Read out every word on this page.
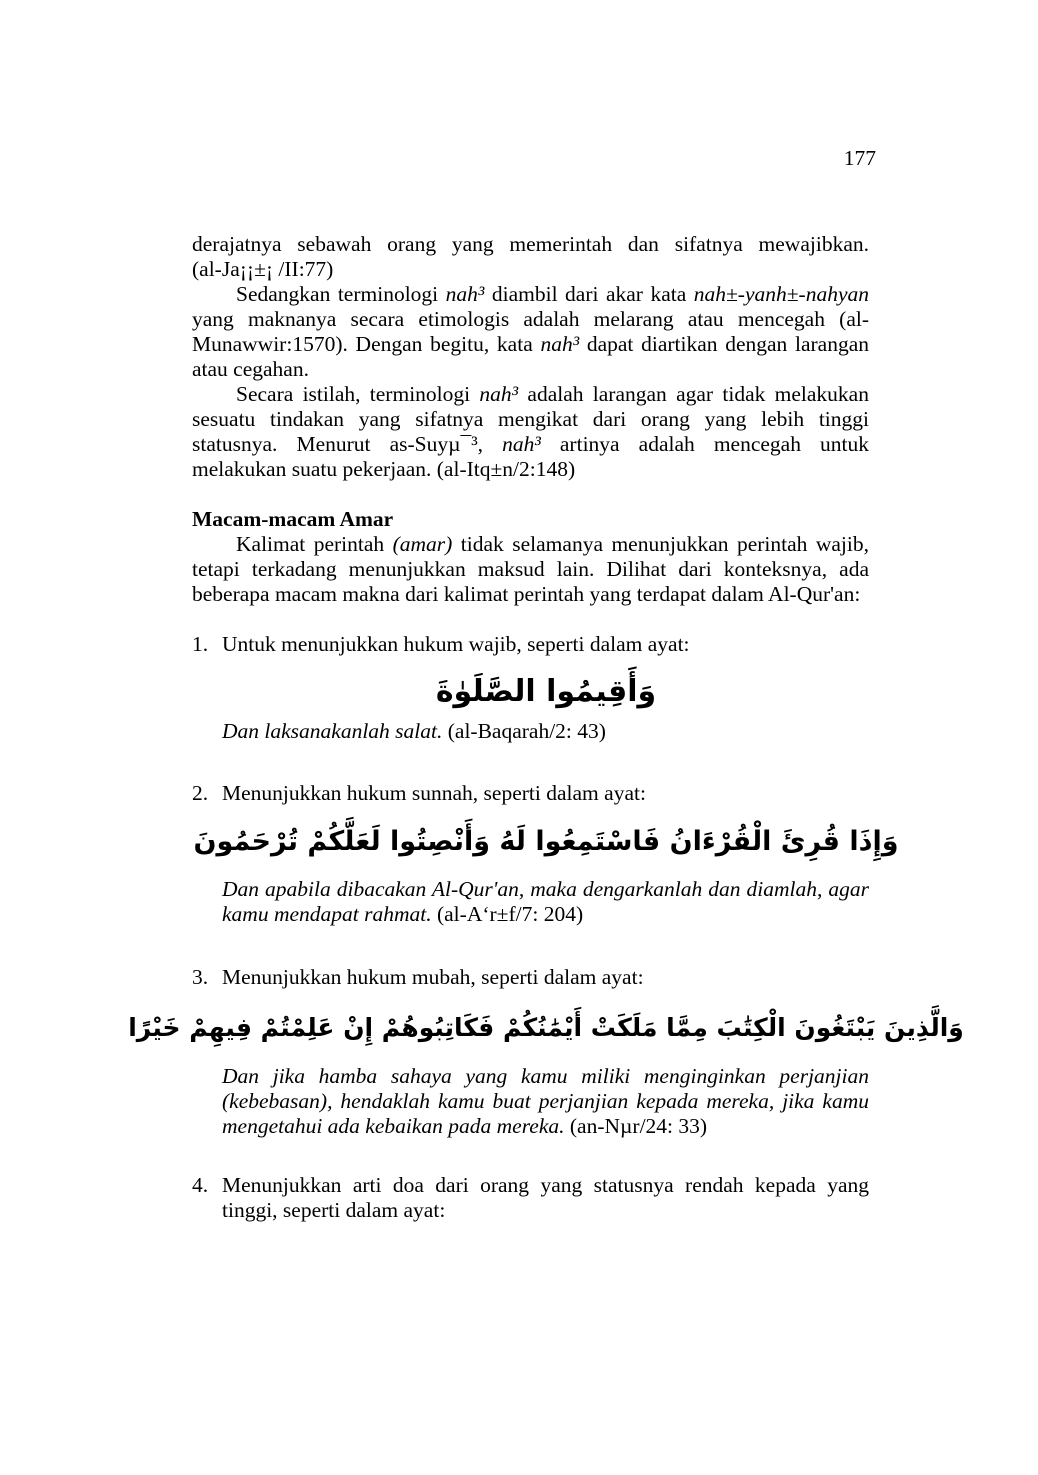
177

derajatnya sebawah orang yang memerintah dan sifatnya mewajibkan.
(al-Ja¡¡±¡ /II:77)

Sedangkan terminologi nah³ diambil dari akar kata nah±-yanh±-nahyan yang maknanya secara etimologis adalah melarang atau mencegah (al-Munawwir:1570). Dengan begitu, kata nah³ dapat diartikan dengan larangan atau cegahan.

Secara istilah, terminologi nah³ adalah larangan agar tidak melakukan sesuatu tindakan yang sifatnya mengikat dari orang yang lebih tinggi statusnya. Menurut as-Suyµ¯³, nah³ artinya adalah mencegah untuk melakukan suatu pekerjaan. (al-Itq±n/2:148)

Macam-macam Amar

Kalimat perintah (amar) tidak selamanya menunjukkan perintah wajib, tetapi terkadang menunjukkan maksud lain. Dilihat dari konteksnya, ada beberapa macam makna dari kalimat perintah yang terdapat dalam Al-Qur'an:

1. Untuk menunjukkan hukum wajib, seperti dalam ayat:

وَأَقِيمُوا الصَّلَوٰةَ

Dan laksanakanlah salat. (al-Baqarah/2: 43)

2. Menunjukkan hukum sunnah, seperti dalam ayat:

وَإِذَا قُرِئَ الْقُرْءَانُ فَاسْتَمِعُوا لَهُ وَأَنْصِتُوا لَعَلَّكُمْ تُرْحَمُونَ

Dan apabila dibacakan Al-Qur'an, maka dengarkanlah dan diamlah, agar kamu mendapat rahmat. (al-A‘r±f/7: 204)

3. Menunjukkan hukum mubah, seperti dalam ayat:

وَالَّذِينَ يَبْتَغُونَ الْكِتَٰبَ مِمَّا مَلَكَتْ أَيْمَٰنُكُمْ فَكَاتِبُوهُمْ إِنْ عَلِمْتُمْ فِيهِمْ خَيْرًا

Dan jika hamba sahaya yang kamu miliki menginginkan perjanjian (kebebasan), hendaklah kamu buat perjanjian kepada mereka, jika kamu mengetahui ada kebaikan pada mereka. (an-Nµr/24: 33)

4. Menunjukkan arti doa dari orang yang statusnya rendah kepada yang tinggi, seperti dalam ayat:
